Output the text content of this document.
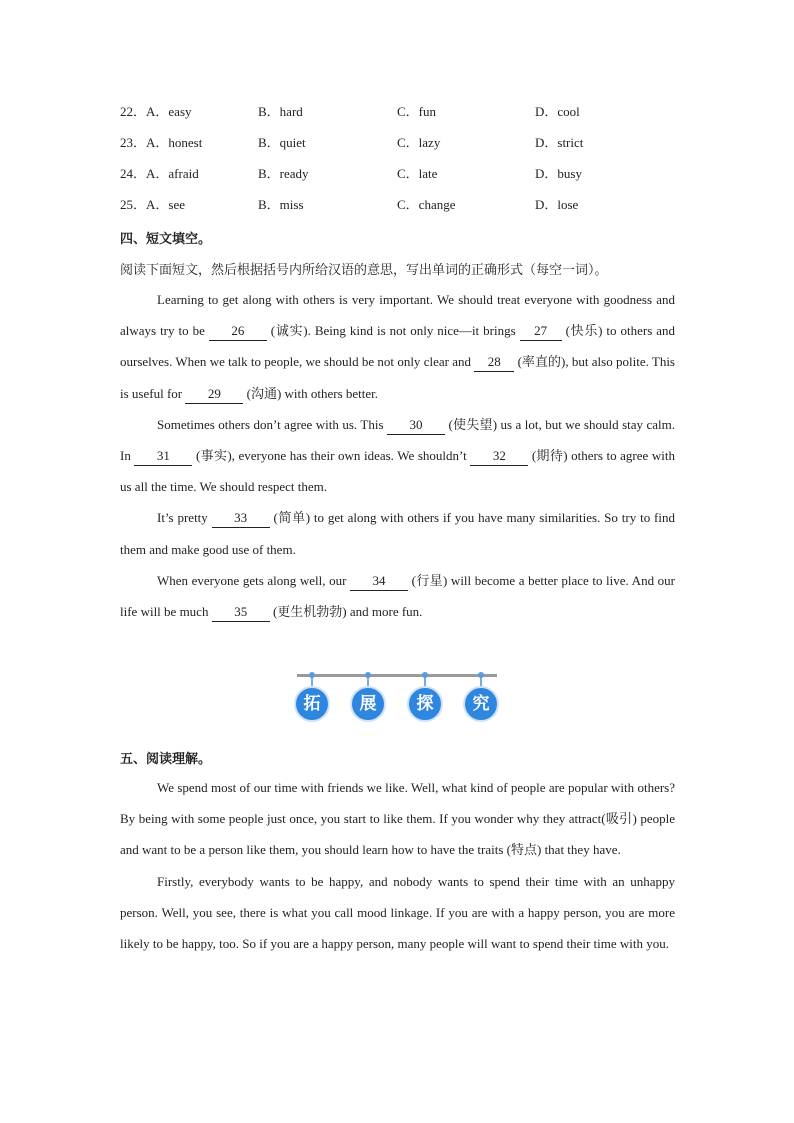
22．A．easy	B．hard	C．fun	D．cool
23．A．honest	B．quiet	C．lazy	D．strict
24．A．afraid	B．ready	C．late	D．busy
25．A．see	B．miss	C．change	D．lose
四、短文填空。
阅读下面短文，然后根据括号内所给汉语的意思，写出单词的正确形式（每空一词）。

Learning to get along with others is very important. We should treat everyone with goodness and always try to be 26 (诚实). Being kind is not only nice—it brings 27 (快乐) to others and ourselves. When we talk to people, we should be not only clear and 28 (率直的), but also polite. This is useful for 29 (沟通) with others better.

Sometimes others don’t agree with us. This 30 (使失望) us a lot, but we should stay calm. In 31 (事实), everyone has their own ideas. We shouldn’t 32 (期待) others to agree with us all the time. We should respect them.

It’s pretty 33 (简单) to get along with others if you have many similarities. So try to find them and make good use of them.

When everyone gets along well, our 34 (行星) will become a better place to live. And our life will be much 35 (更生机勃勃) and more fun.

拓	展	探	究
五、阅读理解。

We spend most of our time with friends we like. Well, what kind of people are popular with others? By being with some people just once, you start to like them. If you wonder why they attract(吸引) people and want to be a person like them, you should learn how to have the traits (特点) that they have.

Firstly, everybody wants to be happy, and nobody wants to spend their time with an unhappy person. Well, you see, there is what you call mood linkage. If you are with a happy person, you are more likely to be happy, too. So if you are a happy person, many people will want to spend their time with you.
